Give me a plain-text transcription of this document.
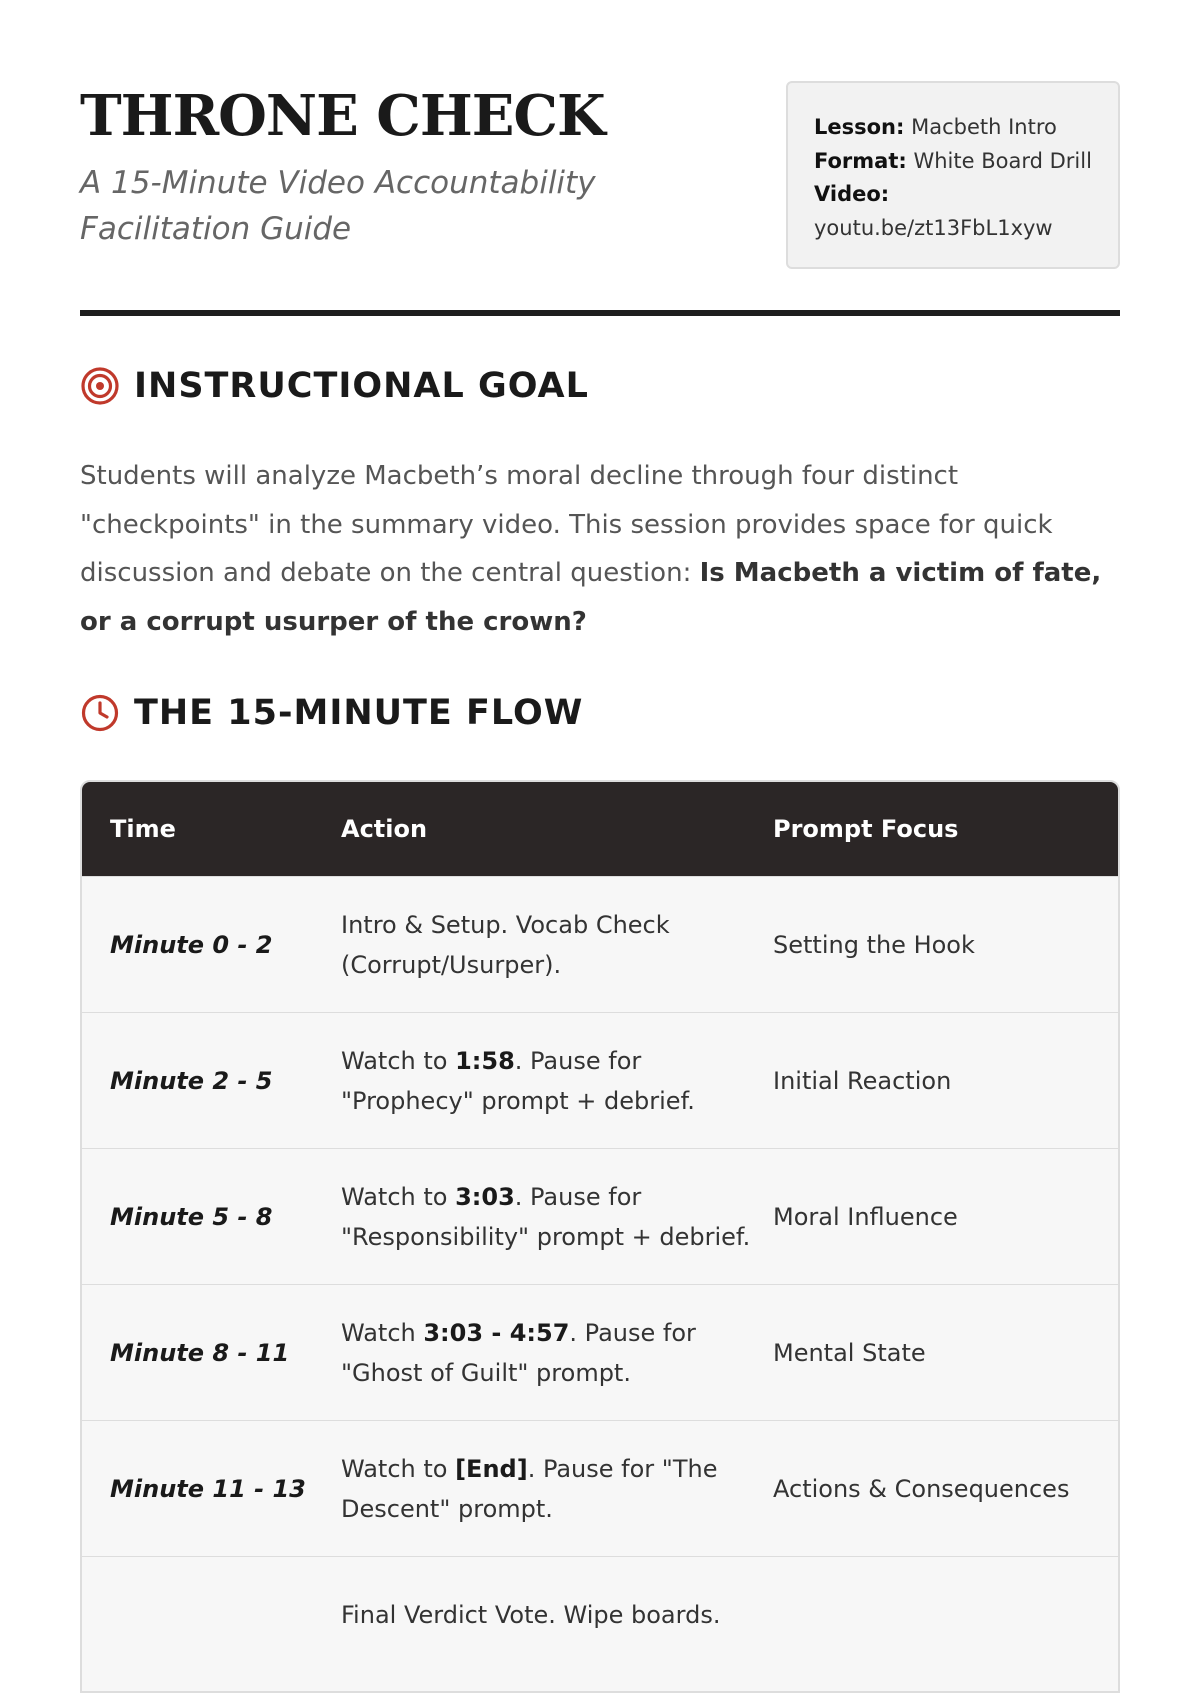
THRONE CHECK

A 15-Minute Video Accountability Facilitation Guide

Lesson: Macbeth Intro
Format: White Board Drill
Video:
youtu.be/zt13FbL1xyw
INSTRUCTIONAL GOAL

Students will analyze Macbeth’s moral decline through four distinct "checkpoints" in the summary video. This session provides space for quick discussion and debate on the central question: Is Macbeth a victim of fate, or a corrupt usurper of the crown?

THE 15-MINUTE FLOW
Time	Action	Prompt Focus
Minute 0 - 2
Intro & Setup. Vocab Check (Corrupt/Usurper).
Setting the Hook
Minute 2 - 5
Watch to 1:58. Pause for "Prophecy" prompt + debrief.
Initial Reaction
Minute 5 - 8
Watch to 3:03. Pause for "Responsibility" prompt + debrief.
Moral Influence
Minute 8 - 11
Watch 3:03 - 4:57. Pause for "Ghost of Guilt" prompt.
Mental State
Minute 11 - 13
Watch to [End]. Pause for "The Descent" prompt.
Actions & Consequences
Final Verdict Vote. Wipe boards.
